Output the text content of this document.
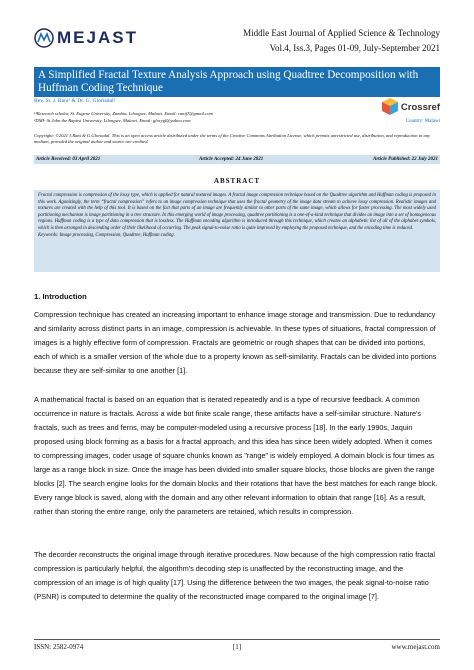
MEJAST	Middle East Journal of Applied Science & Technology
Vol.4, Iss.3, Pages 01-09, July-September 2021
A Simplified Fractal Texture Analysis Approach using Quadtree Decomposition with Huffman Coding Technique
Rev. Sr. J. Rani¹ & Dr. G. Gloriadal²
¹¹Research scholar, St. Eugene University, Zambia, Lilongwe, Malawi. Email: ranij7@gmail.com
²DMI- St.John the Baptist University, Lilongwe, Malawi. Email: glorygl@yahoo.com
Crossref
Country: Malawi
Copyright: ©2021 J.Rani & G.Gloriadal. This is an open access article distributed under the terms of the Creative Commons Attribution License, which permits unrestricted use, distribution, and reproduction in any medium, provided the original author and source are credited.
Article Received: 03 April 2021	Article Accepted: 24 June 2021	Article Published: 22 July 2021
ABSTRACT
Fractal compression is compression of the lossy type, which is applied for natural textured images. A fractal image compression technique based on the Quadtree algorithm and Huffman coding is proposed in this work. Agonizingly, the term “fractal compression” refers to an image compression technique that uses the fractal geometry of the image data stream to achieve lossy compression. Realistic images and textures are created with the help of this tool. It is based on the fact that parts of an image are frequently similar to other parts of the same image, which allows for faster processing. The most widely used partitioning mechanism is image partitioning in a tree structure. In this emerging world of image processing, quadtree partitioning is a one-of-a-kind technique that divides an image into a set of homogeneous regions. Huffman coding is a type of data compression that is lossless. The Huffman encoding algorithm is introduced through this technique, which creates an alphabetic list of all of the alphabet symbols, which is then arranged in descending order of their likelihood of occurring. The peak signal-to-noise ratio is quite improved by employing the proposed technique, and the encoding time is reduced.
Keywords: Image processing, Compression, Quadtree, Huffman coding.
1. Introduction
Compression technique has created an increasing important to enhance image storage and transmission. Due to redundancy and similarity across distinct parts in an image, compression is achievable. In these types of situations, fractal compression of images is a highly effective form of compression. Fractals are geometric or rough shapes that can be divided into portions, each of which is a smaller version of the whole due to a property known as self-similarity. Fractals can be divided into portions because they are self-similar to one another [1].
A mathematical fractal is based on an equation that is iterated repeatedly and is a type of recursive feedback. A common occurrence in nature is fractals. Across a wide but finite scale range, these artifacts have a self-similar structure. Nature's fractals, such as trees and ferns, may be computer-modeled using a recursive process [18]. In the early 1990s, Jaquin proposed using block forming as a basis for a fractal approach, and this idea has since been widely adopted. When it comes to compressing images, coder usage of square chunks known as "range" is widely employed. A domain block is four times as large as a range block in size. Once the image has been divided into smaller square blocks, those blocks are given the range blocks [2]. The search engine looks for the domain blocks and their rotations that have the best matches for each range block. Every range block is saved, along with the domain and any other relevant information to obtain that range [16]. As a result, rather than storing the entire range, only the parameters are retained, which results in compression.
The decorder reconstructs the original image through iterative procedures. Now because of the high compression ratio fractal compression is particularly helpful, the algorithm's decoding step is unaffected by the reconstructing image, and the compression of an image is of high quality [17]. Using the difference between the two images, the peak signal-to-noise ratio (PSNR) is computed to determine the quality of the reconstructed image compared to the original image [7].
ISSN: 2582-0974	[1]	www.mejast.com
